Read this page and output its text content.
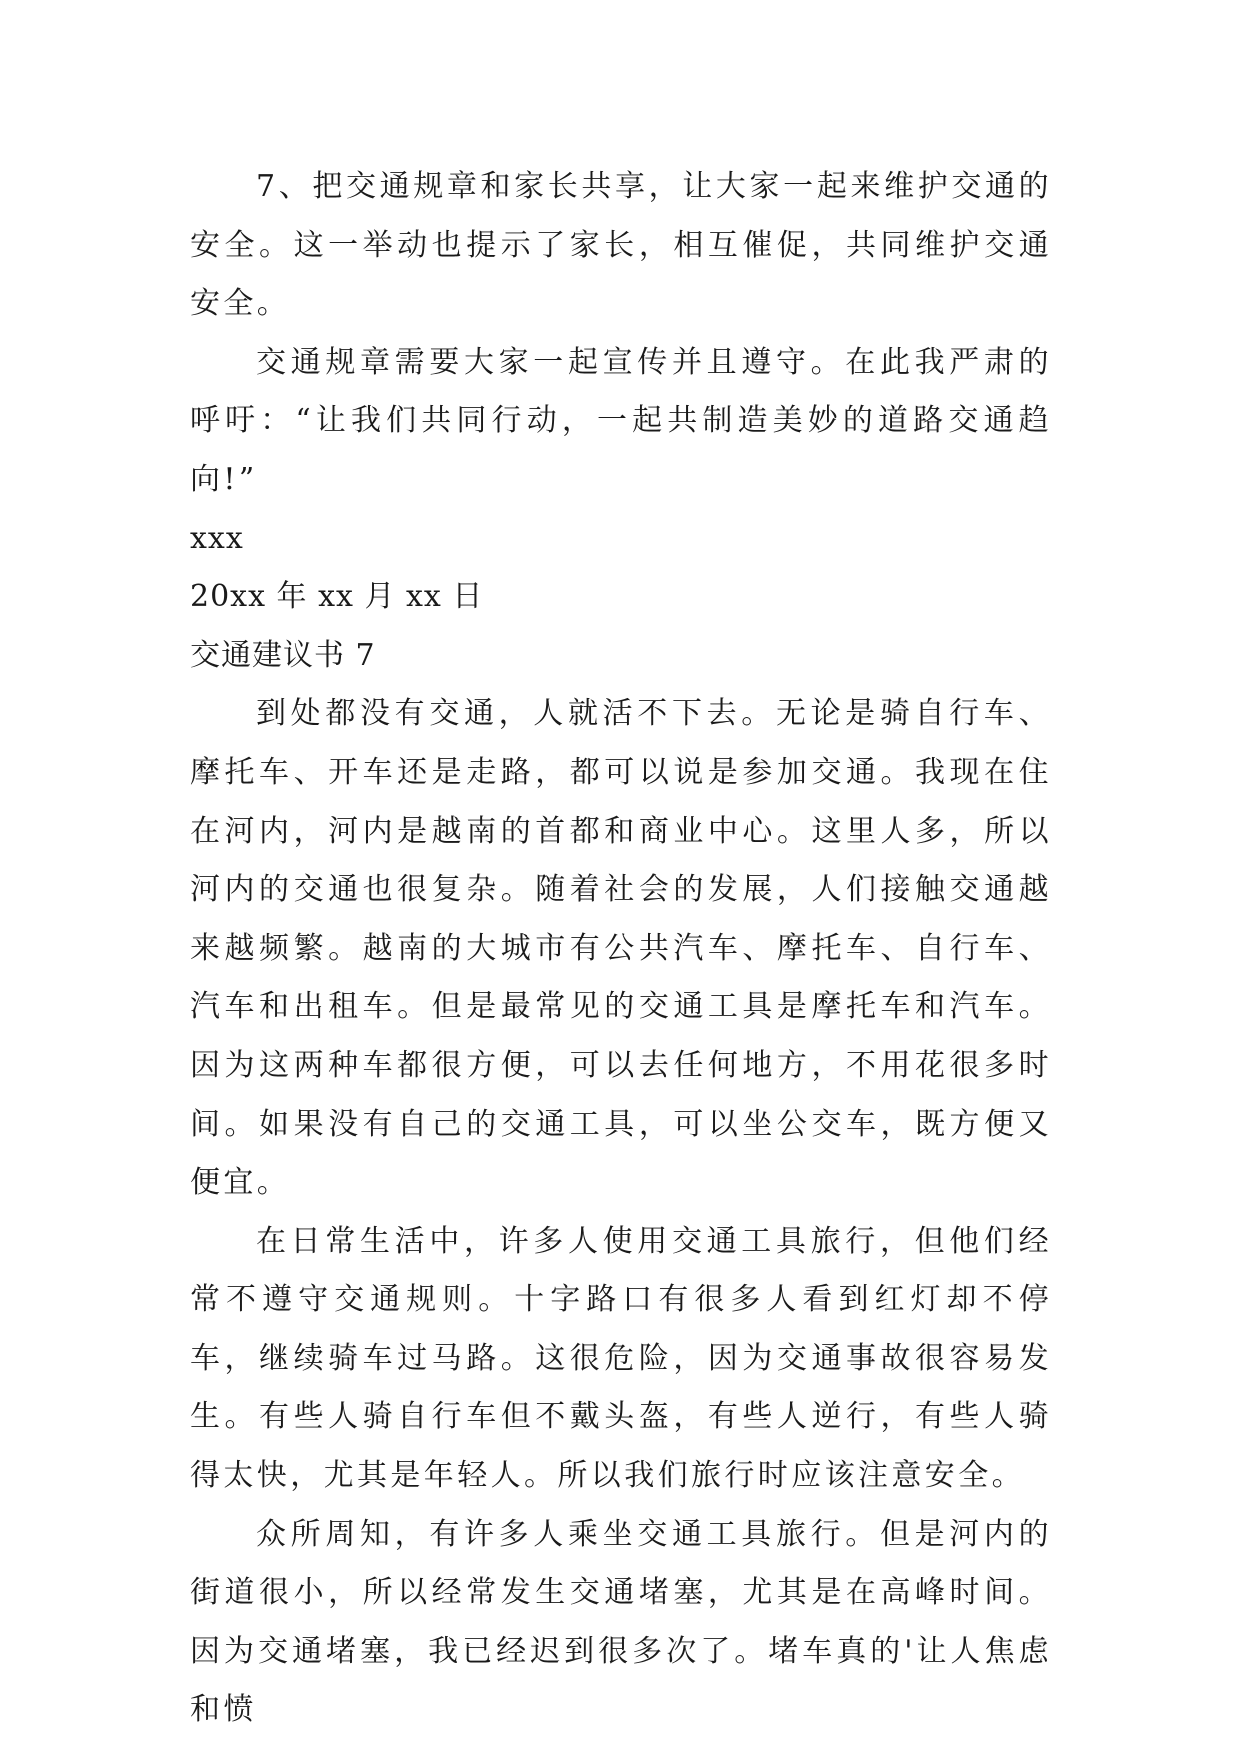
7、把交通规章和家长共享，让大家一起来维护交通的安全。这一举动也提示了家长，相互催促，共同维护交通安全。

交通规章需要大家一起宣传并且遵守。在此我严肃的呼吁：“让我们共同行动，一起共制造美妙的道路交通趋向!”

xxx

20xx 年 xx 月 xx 日

交通建议书 7

到处都没有交通，人就活不下去。无论是骑自行车、摩托车、开车还是走路，都可以说是参加交通。我现在住在河内，河内是越南的首都和商业中心。这里人多，所以河内的交通也很复杂。随着社会的发展，人们接触交通越来越频繁。越南的大城市有公共汽车、摩托车、自行车、汽车和出租车。但是最常见的交通工具是摩托车和汽车。因为这两种车都很方便，可以去任何地方，不用花很多时间。如果没有自己的交通工具，可以坐公交车，既方便又便宜。

在日常生活中，许多人使用交通工具旅行，但他们经常不遵守交通规则。十字路口有很多人看到红灯却不停车，继续骑车过马路。这很危险，因为交通事故很容易发生。有些人骑自行车但不戴头盔，有些人逆行，有些人骑得太快，尤其是年轻人。所以我们旅行时应该注意安全。

众所周知，有许多人乘坐交通工具旅行。但是河内的街道很小，所以经常发生交通堵塞，尤其是在高峰时间。因为交通堵塞，我已经迟到很多次了。堵车真的'让人焦虑和愤
